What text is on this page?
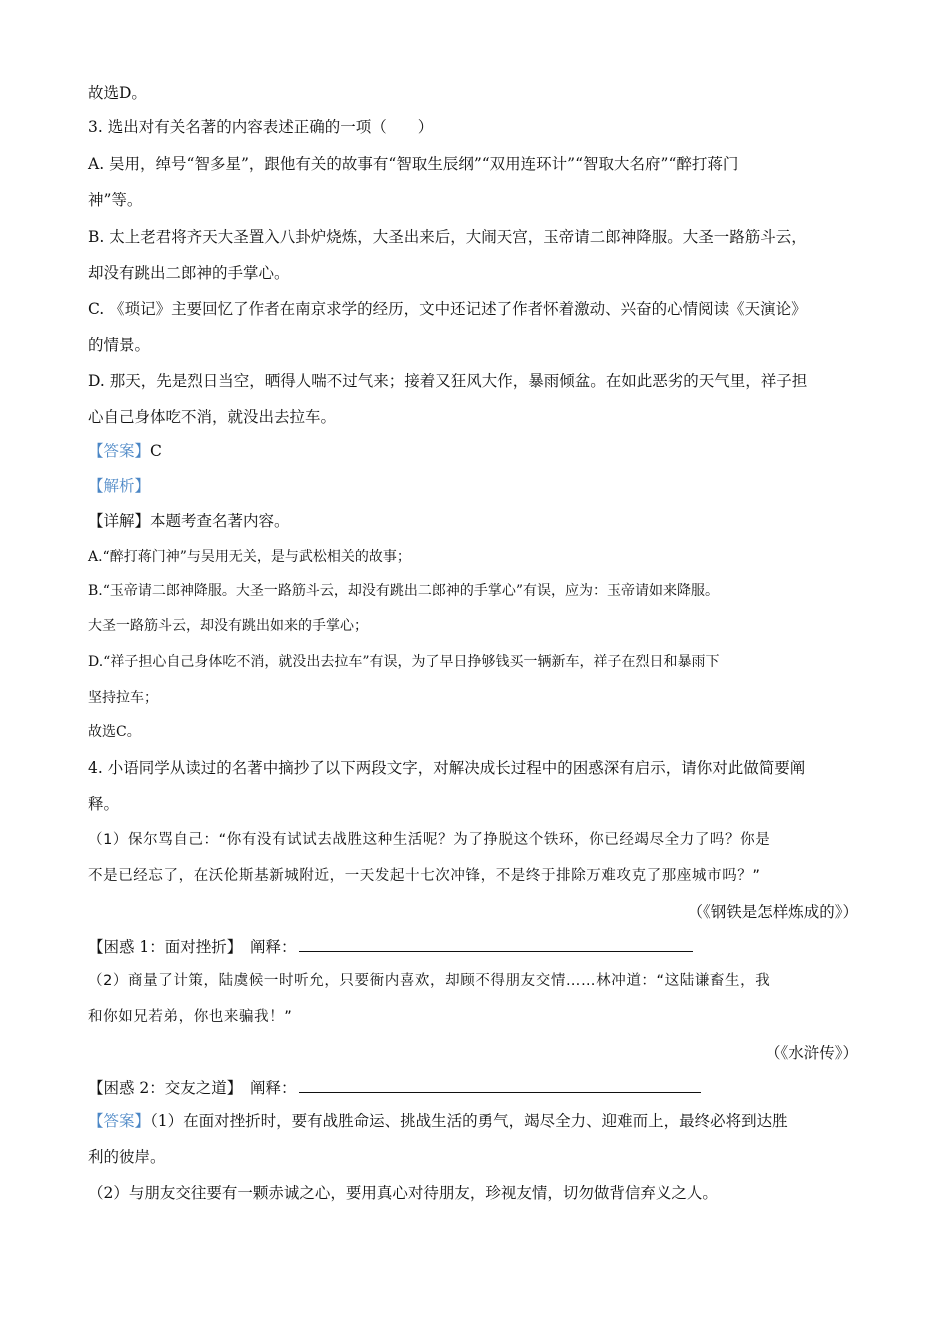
故选D。
3. 选出对有关名著的内容表述正确的一项（　　）
A. 吴用，绰号“智多星”，跟他有关的故事有“智取生辰纲”“双用连环计”“智取大名府”“醉打蒋门
神”等。
B. 太上老君将齐天大圣置入八卦炉烧炼，大圣出来后，大闹天宫，玉帝请二郎神降服。大圣一路筋斗云，
却没有跳出二郎神的手掌心。
C. 《琐记》主要回忆了作者在南京求学的经历，文中还记述了作者怀着激动、兴奋的心情阅读《天演论》
的情景。
D. 那天，先是烈日当空，晒得人喘不过气来；接着又狂风大作，暴雨倾盆。在如此恶劣的天气里，祥子担
心自己身体吃不消，就没出去拉车。
【答案】C
【解析】
【详解】本题考查名著内容。
A.“醉打蒋门神”与吴用无关，是与武松相关的故事；
B.“玉帝请二郎神降服。大圣一路筋斗云，却没有跳出二郎神的手掌心”有误，应为：玉帝请如来降服。
大圣一路筋斗云，却没有跳出如来的手掌心；
D.“祥子担心自己身体吃不消，就没出去拉车”有误，为了早日挣够钱买一辆新车，祥子在烈日和暴雨下
坚持拉车；
故选C。
4. 小语同学从读过的名著中摘抄了以下两段文字，对解决成长过程中的困惑深有启示，请你对此做简要阐
释。
（1）保尔骂自己：“你有没有试试去战胜这种生活呢？为了挣脱这个铁环，你已经竭尽全力了吗？你是
不是已经忘了，在沃伦斯基新城附近，一天发起十七次冲锋，不是终于排除万难攻克了那座城市吗？”
（《钢铁是怎样炼成的》）
【困惑 1：面对挫折】　阐释：
（2）商量了计策，陆虞候一时听允，只要衙内喜欢，却顾不得朋友交情……林冲道：“这陆谦畜生，我
和你如兄若弟，你也来骗我！”
（《水浒传》）
【困惑 2：交友之道】　阐释：
【答案】（1）在面对挫折时，要有战胜命运、挑战生活的勇气，竭尽全力、迎难而上，最终必将到达胜
利的彼岸。
（2）与朋友交往要有一颗赤诚之心，要用真心对待朋友，珍视友情，切勿做背信弃义之人。
